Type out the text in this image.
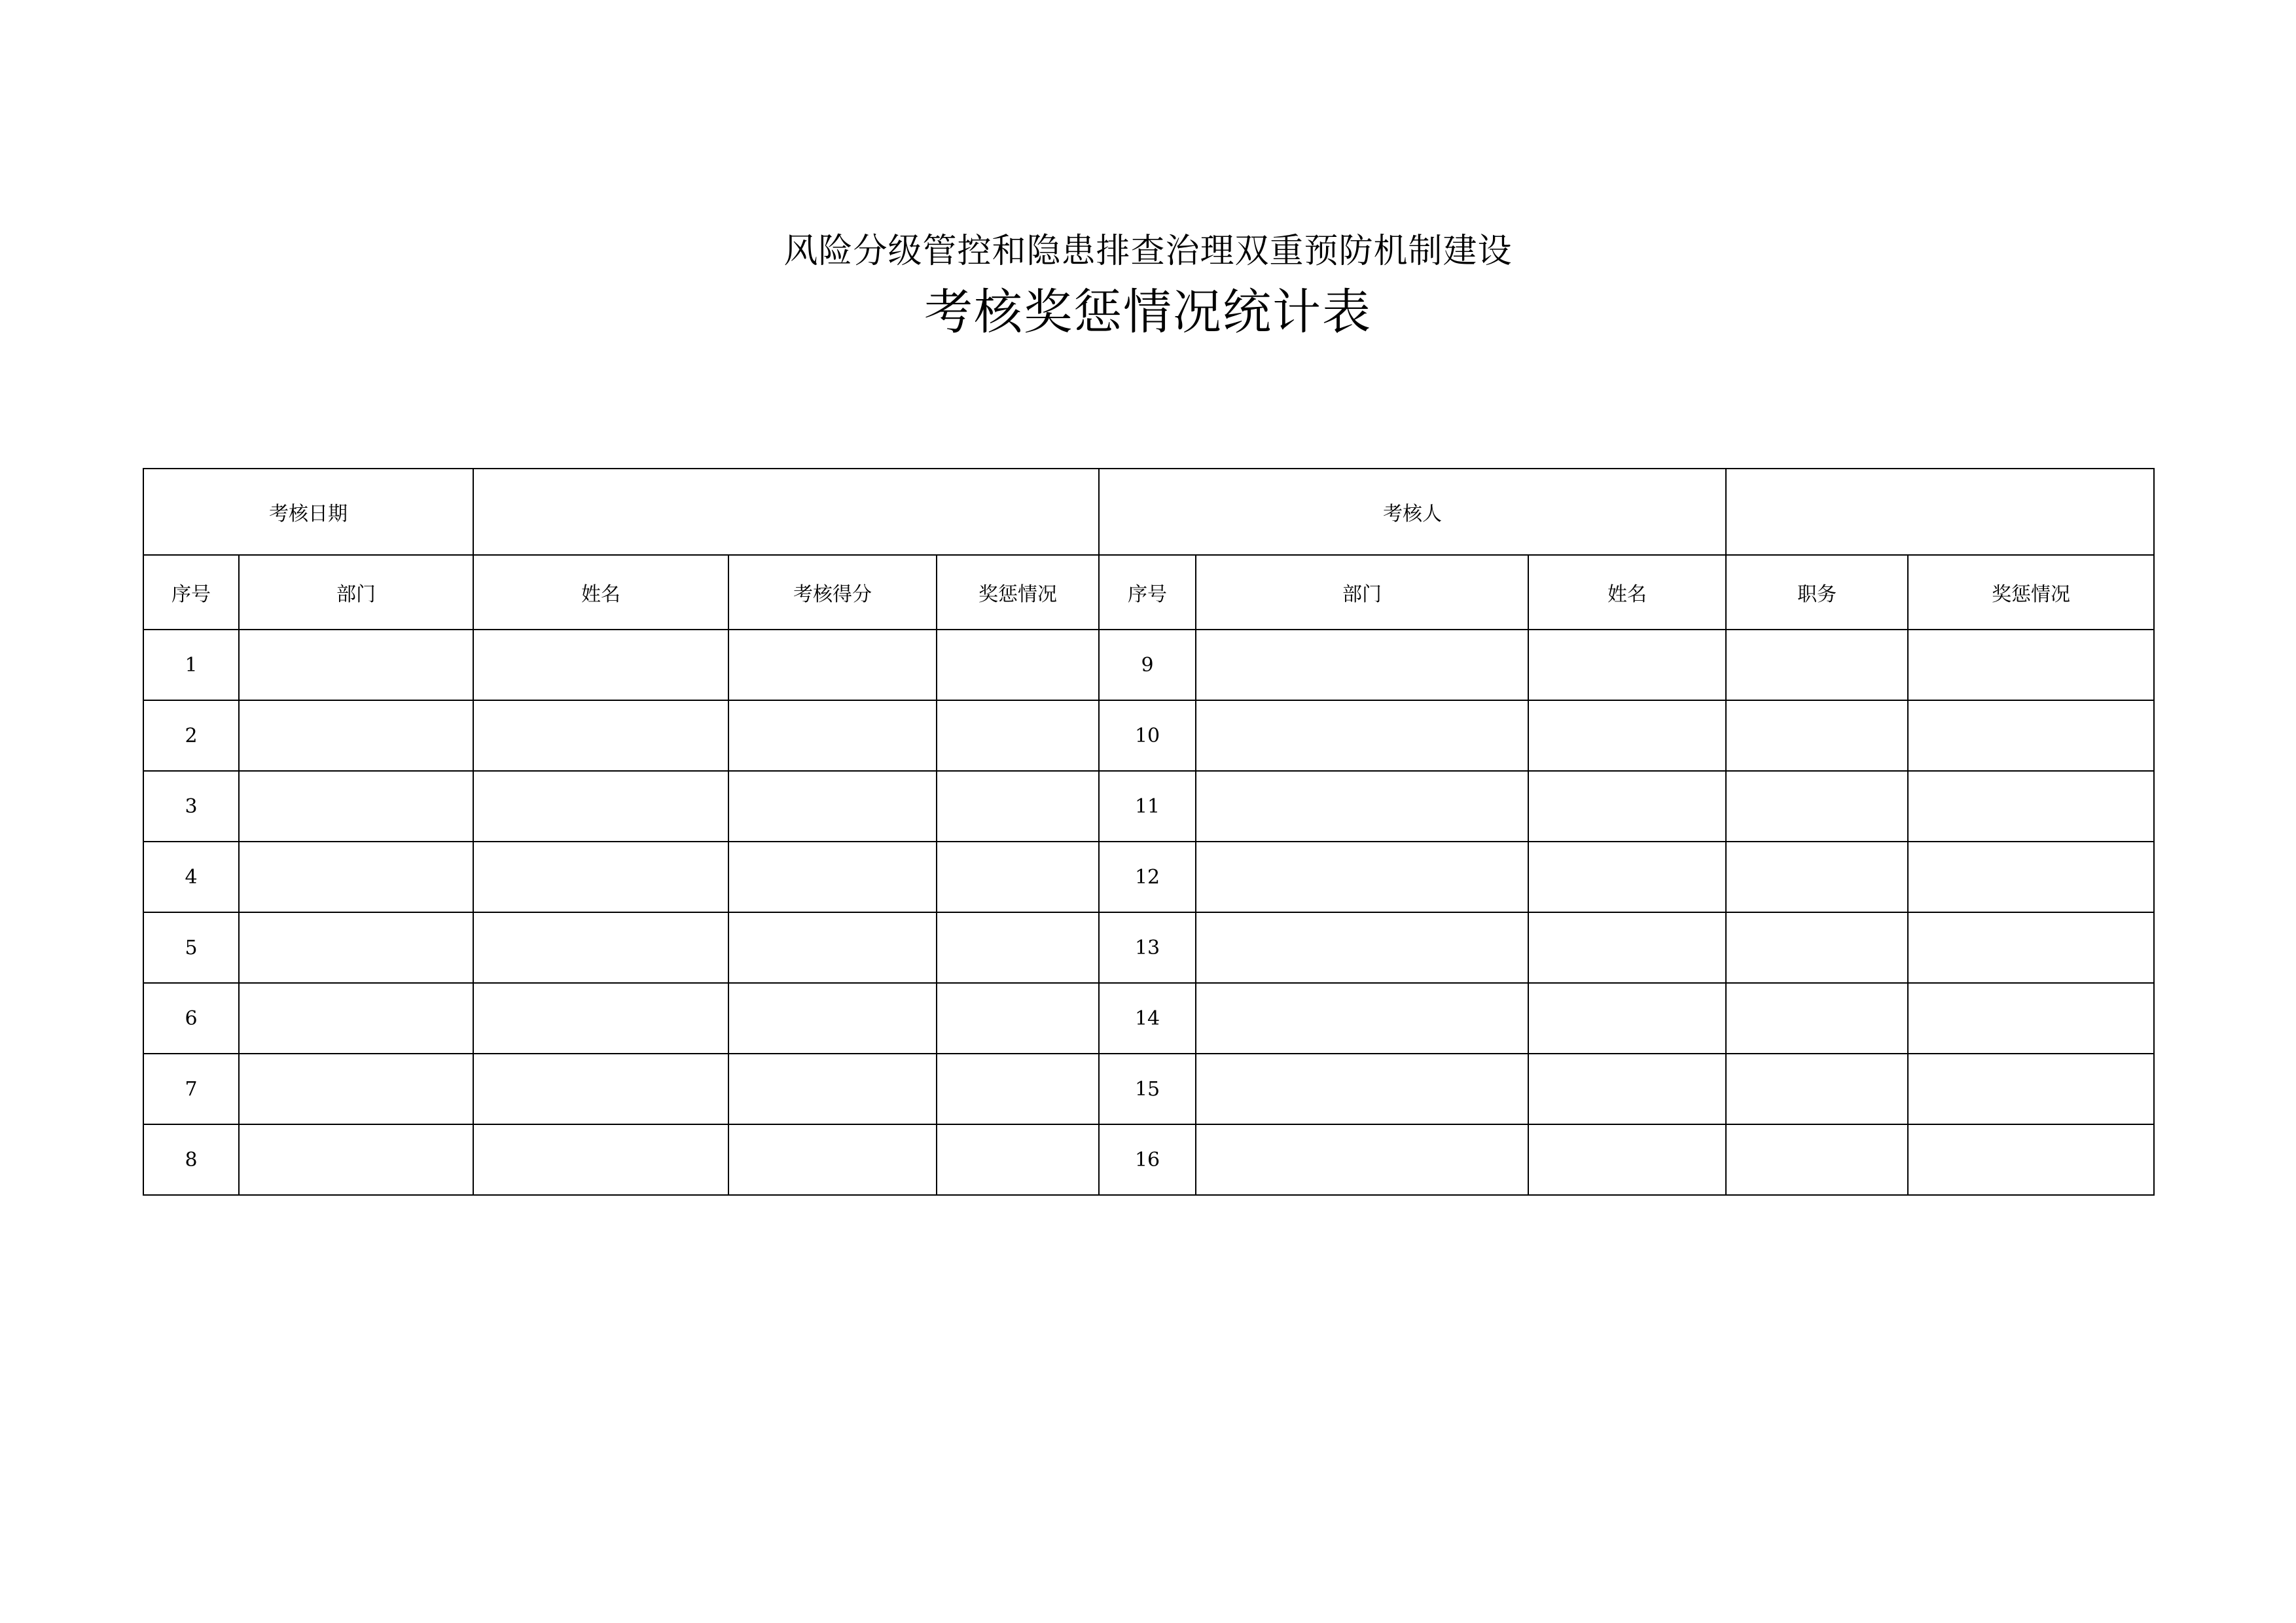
风险分级管控和隐患排查治理双重预防机制建设
考核奖惩情况统计表
考核日期					考核人				
序号	部门	姓名	考核得分	奖惩情况	序号	部门	姓名	职务	奖惩情况
1					9				
2					10				
3					11				
4					12				
5					13				
6					14				
7					15				
8					16				
